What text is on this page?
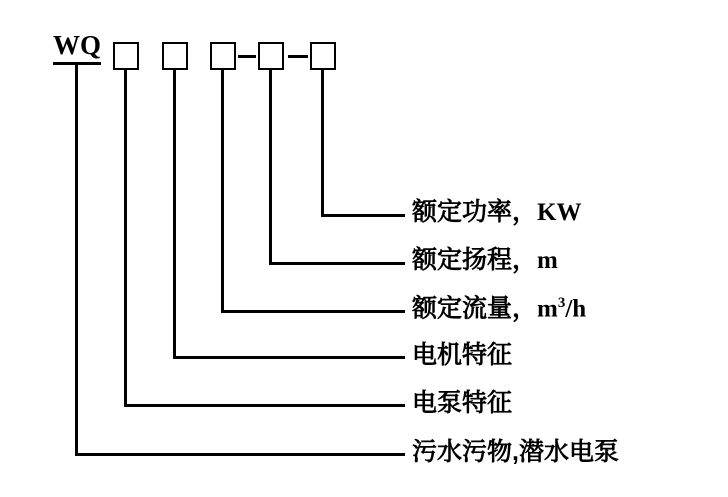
WQ
额定功率，KW
额定扬程，m
额定流量，$m^3/h$
电机特征
电泵特征
污水污物,潜水电泵
